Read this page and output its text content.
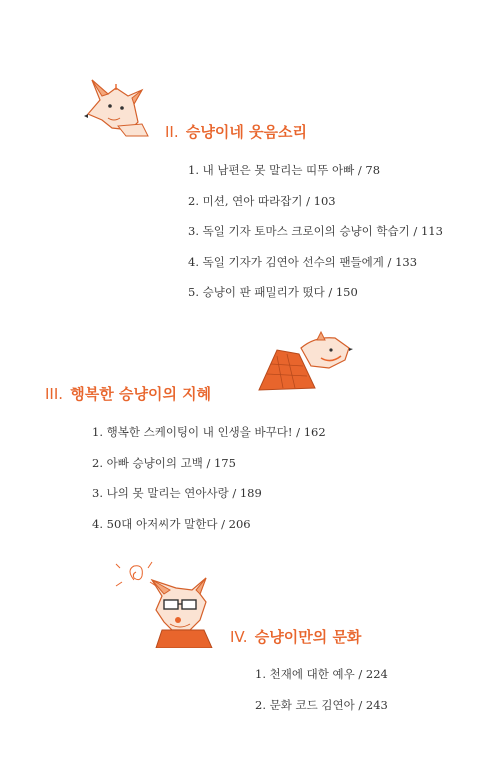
II. 승냥이네 웃음소리
1. 내 남편은 못 말리는 띠뚜 아빠 / 78
2. 미션, 연아 따라잡기 / 103
3. 독일 기자 토마스 크로이의 승냥이 학습기 / 113
4. 독일 기자가 김연아 선수의 팬들에게 / 133
5. 승냥이 판 패밀리가 떴다 / 150
III. 행복한 승냥이의 지혜
1. 행복한 스케이팅이 내 인생을 바꾸다! / 162
2. 아빠 승냥이의 고백 / 175
3. 나의 못 말리는 연아사랑 / 189
4. 50대 아저씨가 말한다 / 206
IV. 승냥이만의 문화
1. 천재에 대한 예우 / 224
2. 문화 코드 김연아 / 243
